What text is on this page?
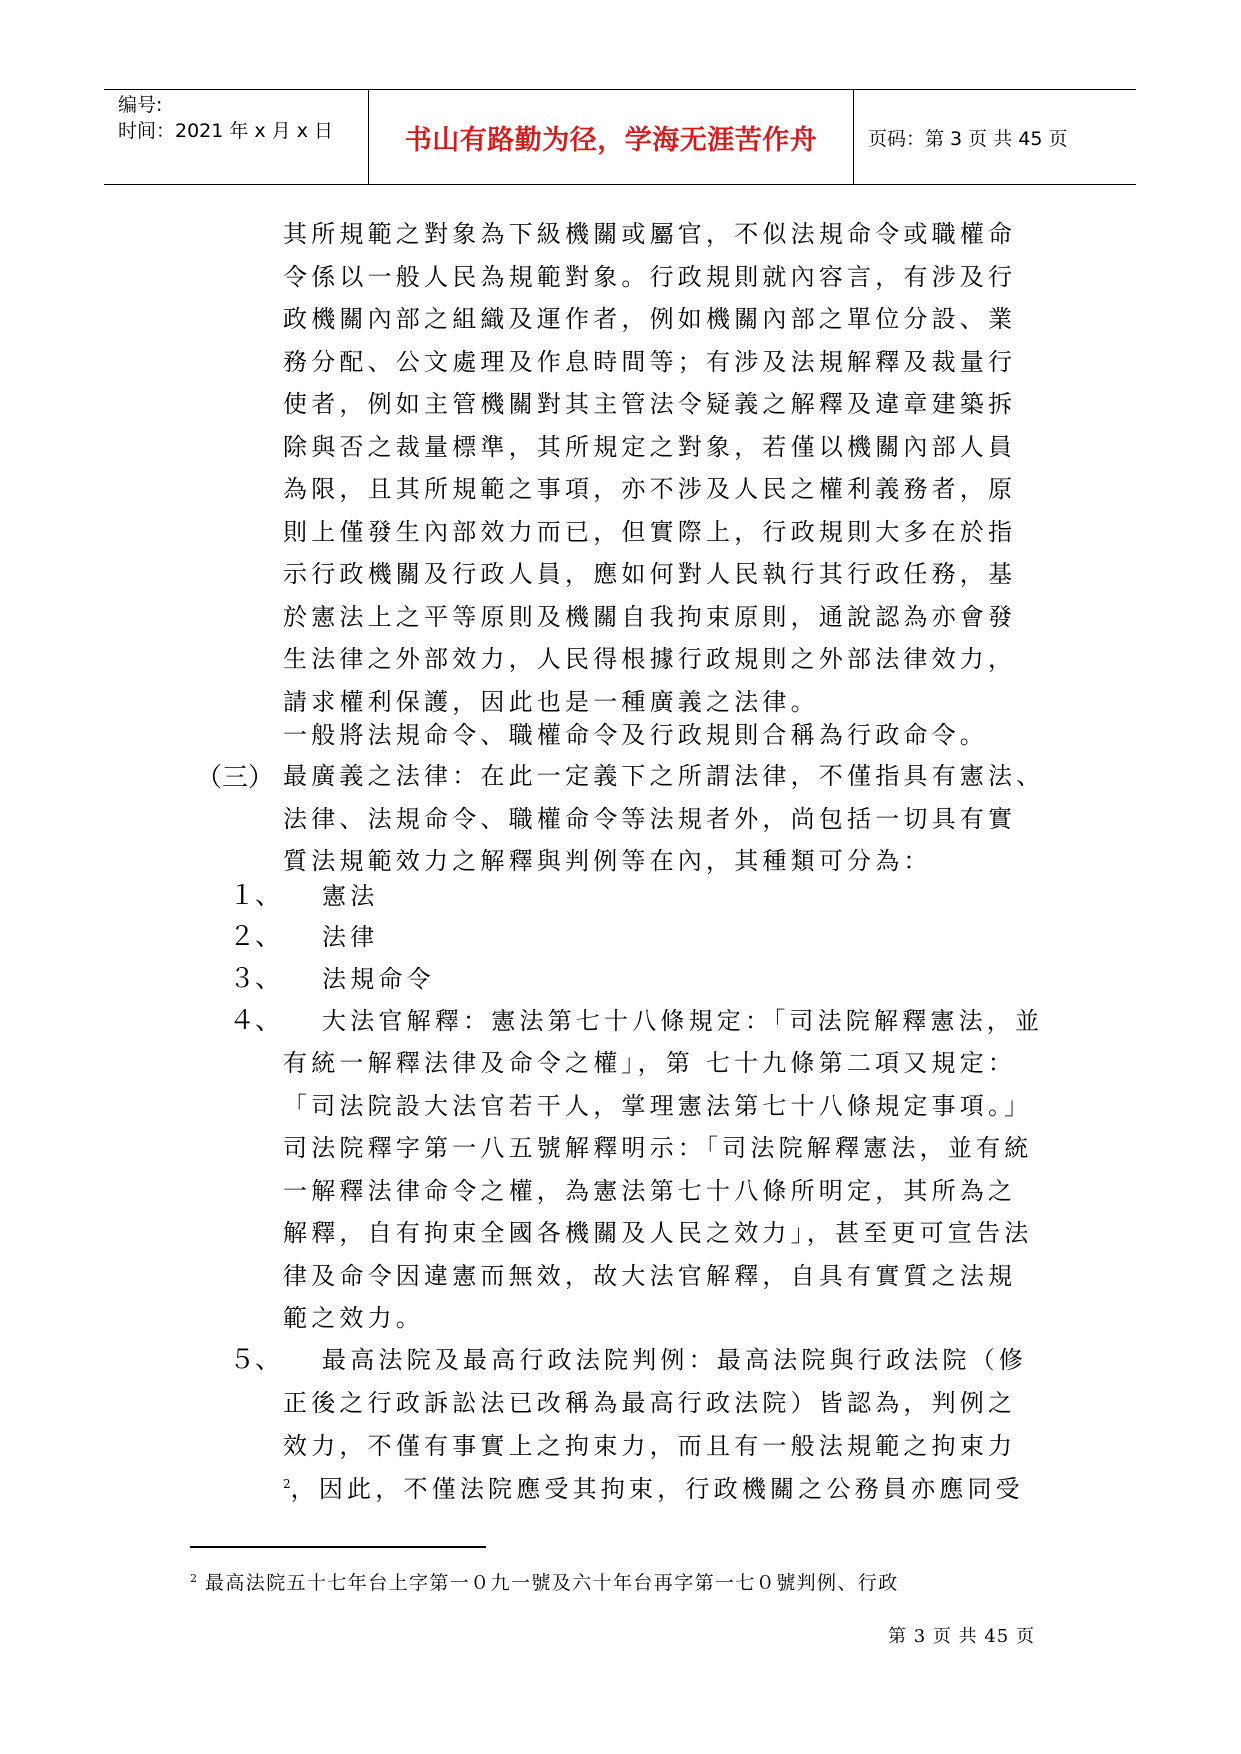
编号:
时间：2021 年 x 月 x 日	书山有路勤为径，学海无涯苦作舟	页码：第 3 页 共 45 页
其所規範之對象為下級機關或屬官，不似法規命令或職權命
令係以一般人民為規範對象。行政規則就內容言，有涉及行
政機關內部之組織及運作者，例如機關內部之單位分設、業
務分配、公文處理及作息時間等；有涉及法規解釋及裁量行
使者，例如主管機關對其主管法令疑義之解釋及違章建築拆
除與否之裁量標準，其所規定之對象，若僅以機關內部人員
為限，且其所規範之事項，亦不涉及人民之權利義務者，原
則上僅發生內部效力而已，但實際上，行政規則大多在於指
示行政機關及行政人員，應如何對人民執行其行政任務，基
於憲法上之平等原則及機關自我拘束原則，通說認為亦會發
生法律之外部效力，人民得根據行政規則之外部法律效力，
請求權利保護，因此也是一種廣義之法律。
一般將法規命令、職權命令及行政規則合稱為行政命令。
（三） 最廣義之法律：在此一定義下之所謂法律，不僅指具有憲法、
法律、法規命令、職權命令等法規者外，尚包括一切具有實
質法規範效力之解釋與判例等在內，其種類可分為：
１、 憲法
２、 法律
３、 法規命令
４、 大法官解釋：憲法第七十八條規定：「司法院解釋憲法，並
有統一解釋法律及命令之權」，第 七十九條第二項又規定：
「司法院設大法官若干人，掌理憲法第七十八條規定事項。」
司法院釋字第一八五號解釋明示：「司法院解釋憲法，並有統
一解釋法律命令之權，為憲法第七十八條所明定，其所為之
解釋，自有拘束全國各機關及人民之效力」，甚至更可宣告法
律及命令因違憲而無效，故大法官解釋，自具有實質之法規
範之效力。
５、 最高法院及最高行政法院判例：最高法院與行政法院（修
正後之行政訴訟法已改稱為最高行政法院）皆認為，判例之
效力，不僅有事實上之拘束力，而且有一般法規範之拘束力
$^2$，因此，不僅法院應受其拘束，行政機關之公務員亦應同受
$^2$ 最高法院五十七年台上字第一０九一號及六十年台再字第一七０號判例、行政
第 3 页 共 45 页
